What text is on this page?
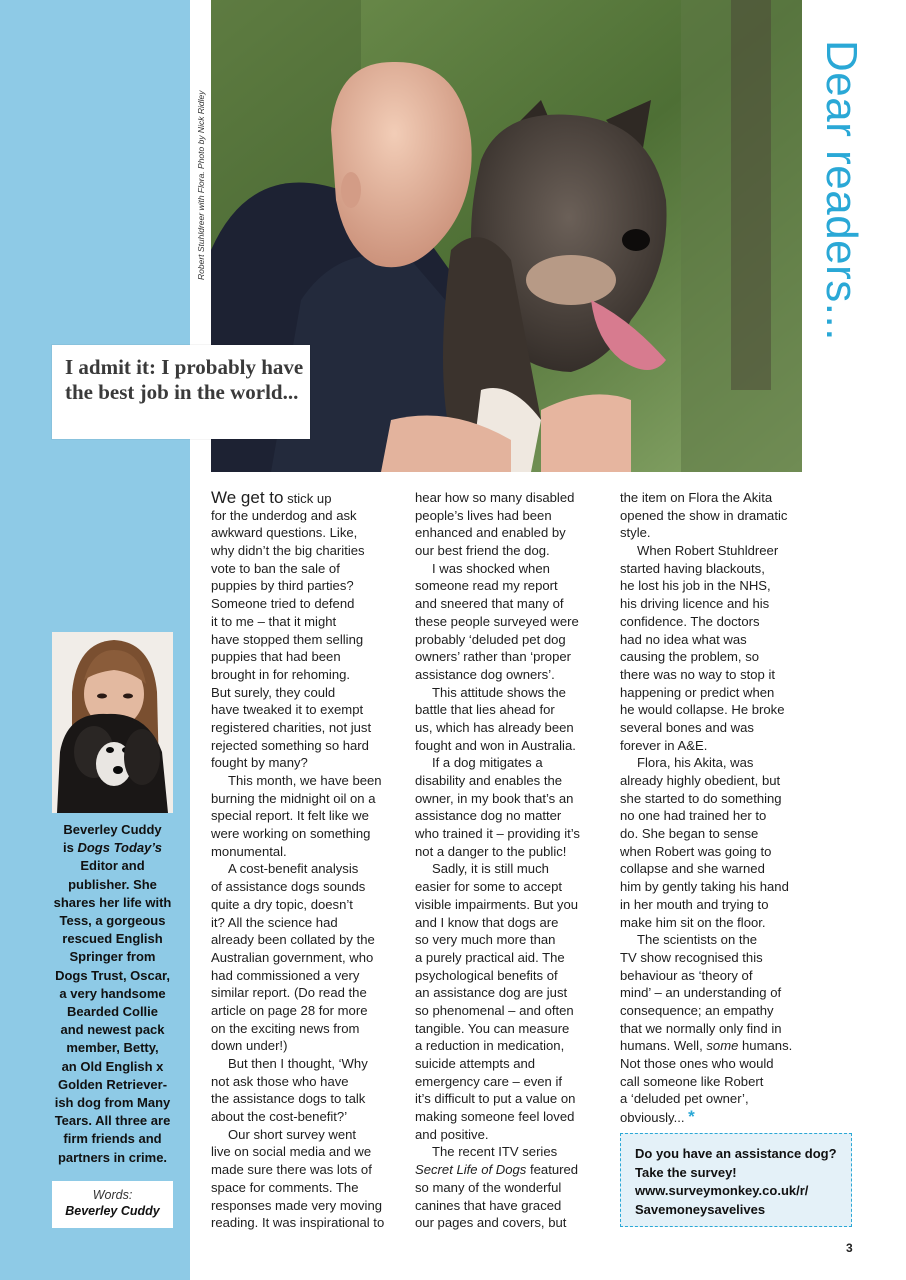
Robert Stuhldreer with Flora. Photo by Nick Ridley
I admit it: I probably have the best job in the world...
Dear readers...
Beverley Cuddy
is Dogs Today’s
Editor and
publisher. She
shares her life with
Tess, a gorgeous
rescued English
Springer from
Dogs Trust, Oscar,
a very handsome
Bearded Collie
and newest pack
member, Betty,
an Old English x
Golden Retriever-
ish dog from Many
Tears. All three are
firm friends and
partners in crime.
Words:
Beverley Cuddy
We get to stick up
for the underdog and ask
awkward questions. Like,
why didn’t the big charities
vote to ban the sale of
puppies by third parties?
Someone tried to defend
it to me – that it might
have stopped them selling
puppies that had been
brought in for rehoming.
But surely, they could
have tweaked it to exempt
registered charities, not just
rejected something so hard
fought by many?
This month, we have been
burning the midnight oil on a
special report. It felt like we
were working on something
monumental.
A cost-benefit analysis
of assistance dogs sounds
quite a dry topic, doesn’t
it? All the science had
already been collated by the
Australian government, who
had commissioned a very
similar report. (Do read the
article on page 28 for more
on the exciting news from
down under!)
But then I thought, ‘Why
not ask those who have
the assistance dogs to talk
about the cost-benefit?’
Our short survey went
live on social media and we
made sure there was lots of
space for comments. The
responses made very moving
reading. It was inspirational to
hear how so many disabled
people’s lives had been
enhanced and enabled by
our best friend the dog.
I was shocked when
someone read my report
and sneered that many of
these people surveyed were
probably ‘deluded pet dog
owners’ rather than ‘proper
assistance dog owners’.
This attitude shows the
battle that lies ahead for
us, which has already been
fought and won in Australia.
If a dog mitigates a
disability and enables the
owner, in my book that’s an
assistance dog no matter
who trained it – providing it’s
not a danger to the public!
Sadly, it is still much
easier for some to accept
visible impairments. But you
and I know that dogs are
so very much more than
a purely practical aid. The
psychological benefits of
an assistance dog are just
so phenomenal – and often
tangible. You can measure
a reduction in medication,
suicide attempts and
emergency care – even if
it’s difficult to put a value on
making someone feel loved
and positive.
The recent ITV series
Secret Life of Dogs featured
so many of the wonderful
canines that have graced
our pages and covers, but
the item on Flora the Akita
opened the show in dramatic
style.
When Robert Stuhldreer
started having blackouts,
he lost his job in the NHS,
his driving licence and his
confidence. The doctors
had no idea what was
causing the problem, so
there was no way to stop it
happening or predict when
he would collapse. He broke
several bones and was
forever in A&E.
Flora, his Akita, was
already highly obedient, but
she started to do something
no one had trained her to
do. She began to sense
when Robert was going to
collapse and she warned
him by gently taking his hand
in her mouth and trying to
make him sit on the floor.
The scientists on the
TV show recognised this
behaviour as ‘theory of
mind’ – an understanding of
consequence; an empathy
that we normally only find in
humans. Well, some humans.
Not those ones who would
call someone like Robert
a ‘deluded pet owner’,
obviously... *
Do you have an assistance dog?
Take the survey!
www.surveymonkey.co.uk/r/
Savemoneysavelives
3
